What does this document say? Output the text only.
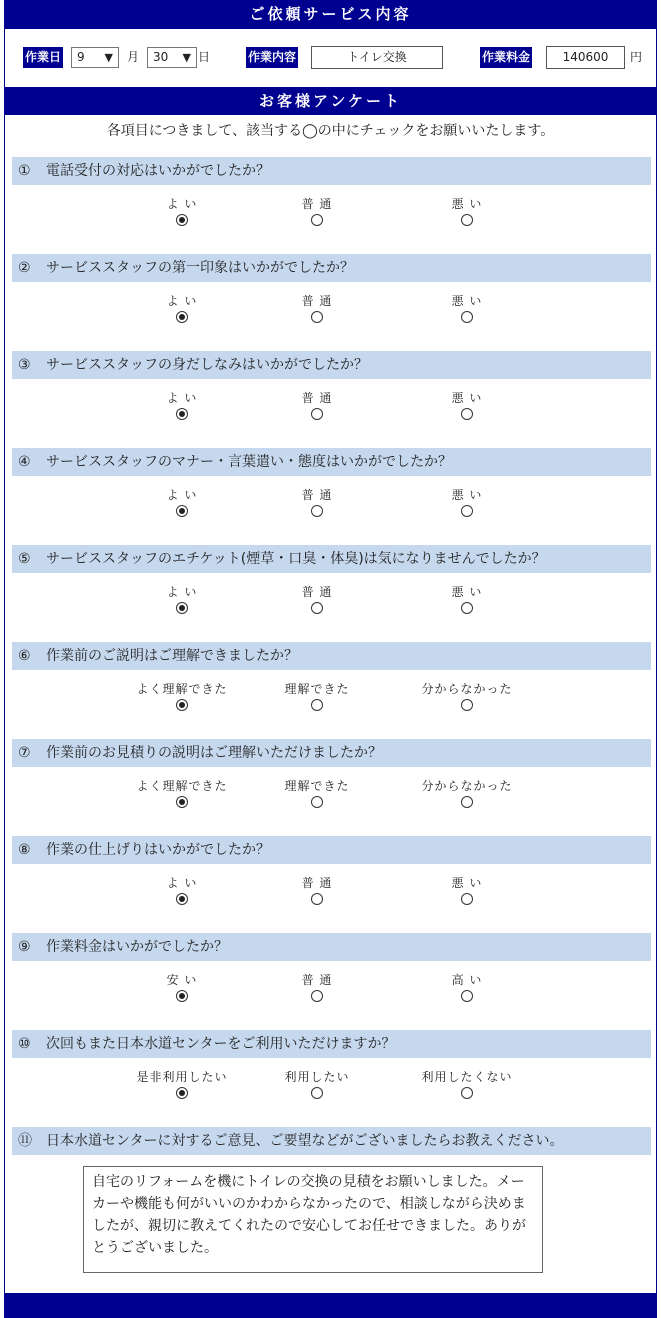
ご依頼サービス内容
作業日	9 ▼ 月	30 ▼ 日	作業内容	トイレ交換	作業料金	140600	円
お客様アンケート
各項目につきまして、該当する◯の中にチェックをお願いいたします。
① 電話受付の対応はいかがでしたか？
よ い	普 通	悪 い
② サービススタッフの第一印象はいかがでしたか？
よ い	普 通	悪 い
③ サービススタッフの身だしなみはいかがでしたか？
よ い	普 通	悪 い
④ サービススタッフのマナー・言葉遣い・態度はいかがでしたか？
よ い	普 通	悪 い
⑤ サービススタッフのエチケット(煙草・口臭・体臭)は気になりませんでしたか？
よ い	普 通	悪 い
⑥ 作業前のご説明はご理解できましたか？
よく理解できた	理解できた	分からなかった
⑦ 作業前のお見積りの説明はご理解いただけましたか？
よく理解できた	理解できた	分からなかった
⑧ 作業の仕上げりはいかがでしたか？
よ い	普 通	悪 い
⑨ 作業料金はいかがでしたか？
安 い	普 通	高 い
⑩ 次回もまた日本水道センターをご利用いただけますか？
是非利用したい	利用したい	利用したくない
⑪ 日本水道センターに対するご意見、ご要望などがございましたらお教えください。
自宅のリフォームを機にトイレの交換の見積をお願いしました。メーカーや機能も何がいいのかわからなかったので、相談しながら決めましたが、親切に教えてくれたので安心してお任せできました。ありがとうございました。
